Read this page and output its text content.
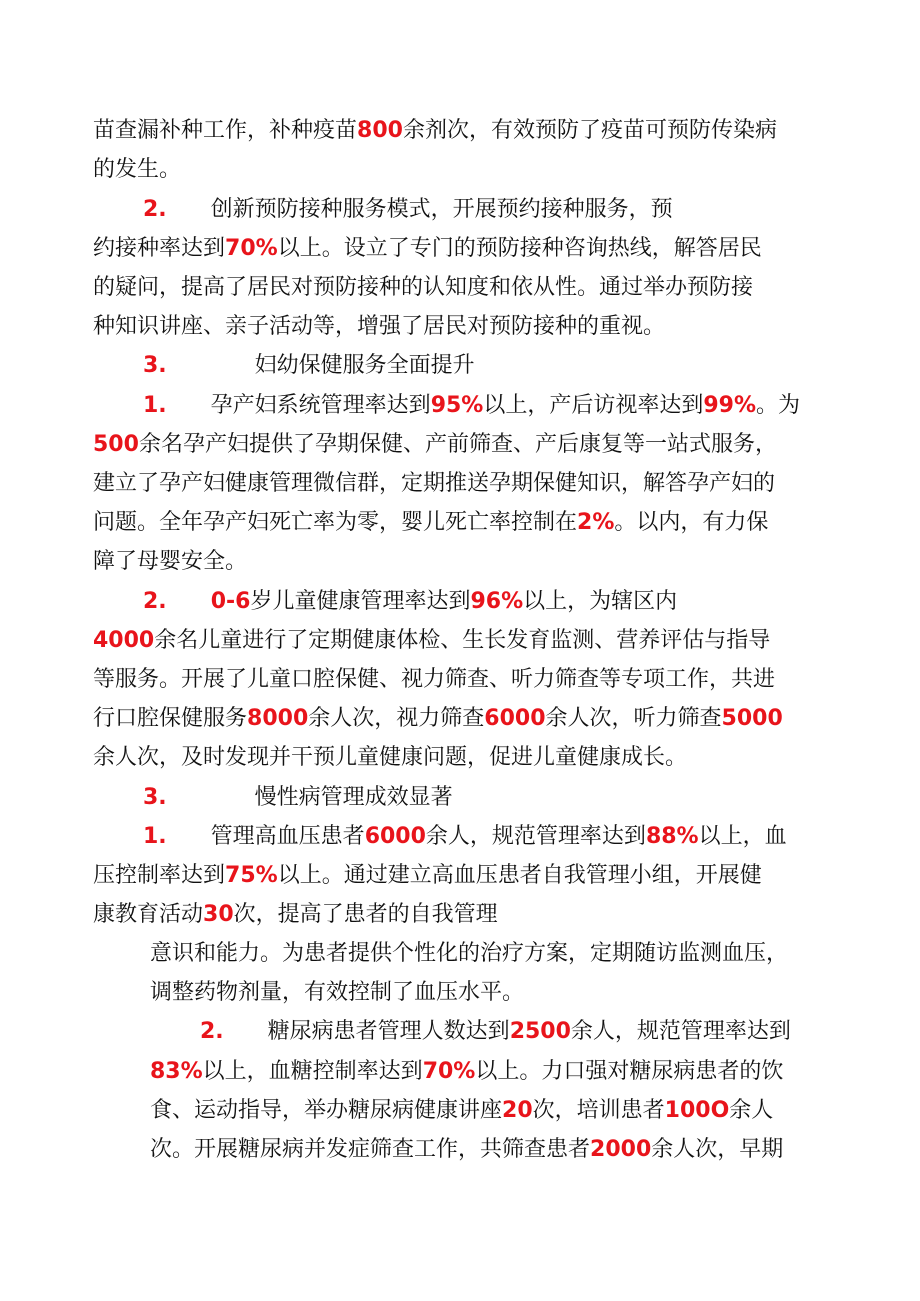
苗查漏补种工作，补种疫苗800余剂次，有效预防了疫苗可预防传染病

的发生。

2.　　创新预防接种服务模式，开展预约接种服务，预

约接种率达到70%以上。设立了专门的预防接种咨询热线，解答居民

的疑问，提高了居民对预防接种的认知度和依从性。通过举办预防接

种知识讲座、亲子活动等，增强了居民对预防接种的重视。

3.　　　　妇幼保健服务全面提升

1.　　孕产妇系统管理率达到95%以上，产后访视率达到99%。为

500余名孕产妇提供了孕期保健、产前筛查、产后康复等一站式服务，

建立了孕产妇健康管理微信群，定期推送孕期保健知识，解答孕产妇的

问题。全年孕产妇死亡率为零，婴儿死亡率控制在2%。以内，有力保

障了母婴安全。

2.　　 0-6岁儿童健康管理率达到96%以上，为辖区内

4000余名儿童进行了定期健康体检、生长发育监测、营养评估与指导

等服务。开展了儿童口腔保健、视力筛查、听力筛查等专项工作，共进

行口腔保健服务8000余人次，视力筛查6000余人次，听力筛查5000

余人次，及时发现并干预儿童健康问题，促进儿童健康成长。

3.　　　　慢性病管理成效显著

1.　　管理高血压患者6000余人，规范管理率达到88%以上，血

压控制率达到75%以上。通过建立高血压患者自我管理小组，开展健

康教育活动30次，提高了患者的自我管理

意识和能力。为患者提供个性化的治疗方案，定期随访监测血压，

调整药物剂量，有效控制了血压水平。

2.　　糖尿病患者管理人数达到2500余人，规范管理率达到

83%以上，血糖控制率达到70%以上。力口强对糖尿病患者的饮

食、运动指导，举办糖尿病健康讲座20次，培训患者100O余人

次。开展糖尿病并发症筛查工作，共筛查患者2000余人次，早期
